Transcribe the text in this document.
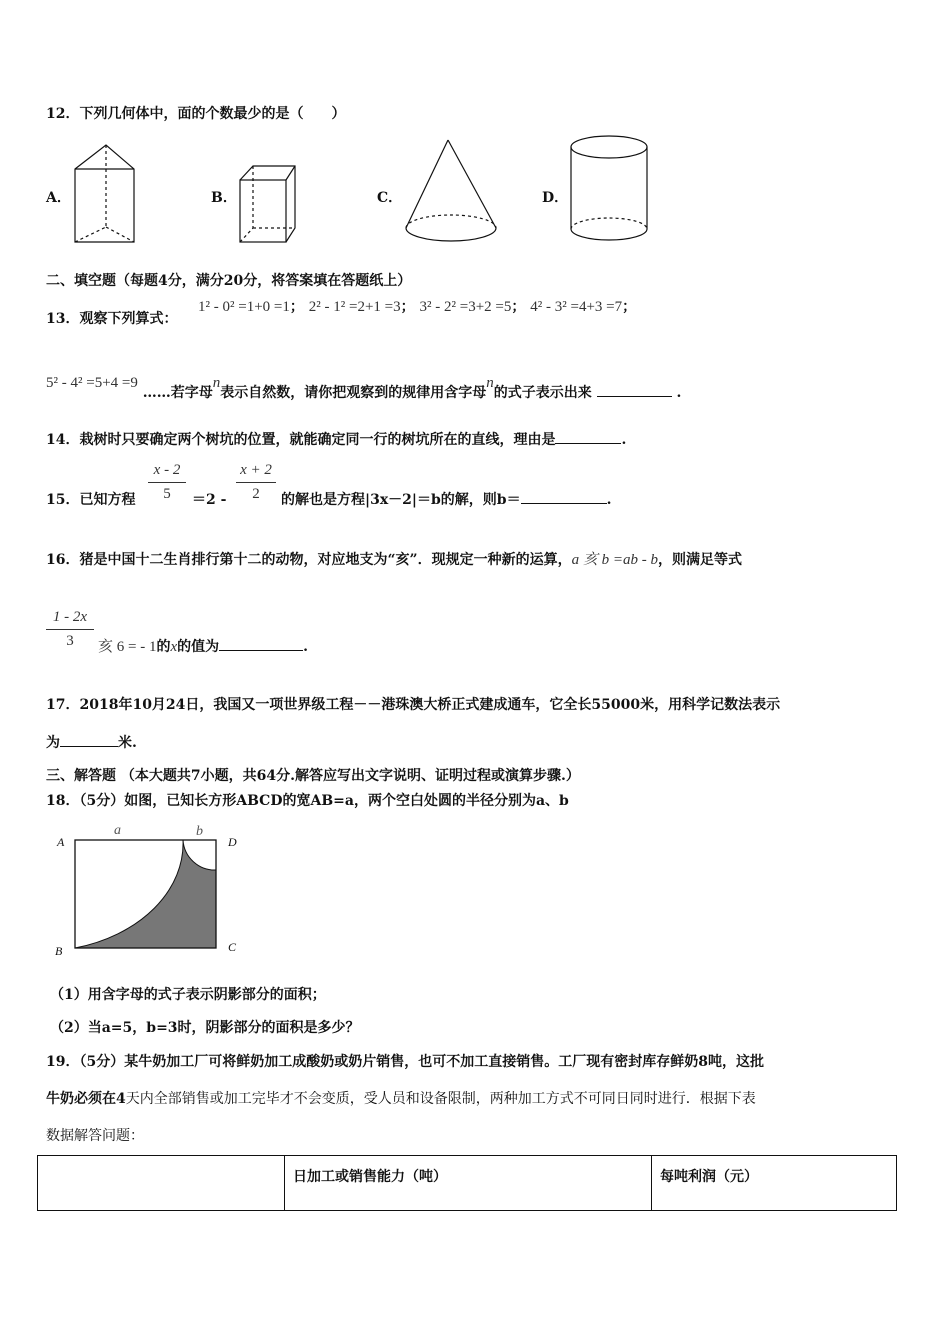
12．下列几何体中，面的个数最少的是（　　）
A．	B．	C．	D．
二、填空题（每题4分，满分20分，将答案填在答题纸上）
13．观察下列算式：
1² - 0² =1+0 =1； 2² - 1² =2+1 =3； 3² - 2² =3+2 =5； 4² - 3² =4+3 =7；
5² - 4² =5+4 =9 ……若字母n表示自然数，请你把观察到的规律用含字母n的式子表示出来	.
14．栽树时只要确定两个树坑的位置，就能确定同一行的树坑所在的直线，理由是	.
15．已知方程
x - 2
5	＝2 -
x + 2
2	的解也是方程|3x－2|＝b的解，则b＝	.
16．猪是中国十二生肖排行第十二的动物，对应地支为“亥”．现规定一种新的运算，a 亥 b =ab - b，则满足等式
1 - 2x
3	亥 6 = - 1的x的值为	.
17．2018年10月24日，我国又一项世界级工程－－港珠澳大桥正式建成通车，它全长55000米，用科学记数法表示
为	米.
三、解答题 （本大题共7小题，共64分.解答应写出文字说明、证明过程或演算步骤.）
18．（5分）如图，已知长方形ABCD的宽AB=a，两个空白处圆的半径分别为a、b
A	D
B	C
a	b
（1）用含字母的式子表示阴影部分的面积；
（2）当a=5，b=3时，阴影部分的面积是多少？
19．（5分）某牛奶加工厂可将鲜奶加工成酸奶或奶片销售，也可不加工直接销售。工厂现有密封库存鲜奶8吨，这批
牛奶必须在4天内全部销售或加工完毕才不会变质，受人员和设备限制，两种加工方式不可同日同时进行．根据下表
数据解答问题：
	日加工或销售能力（吨）	每吨利润（元）
